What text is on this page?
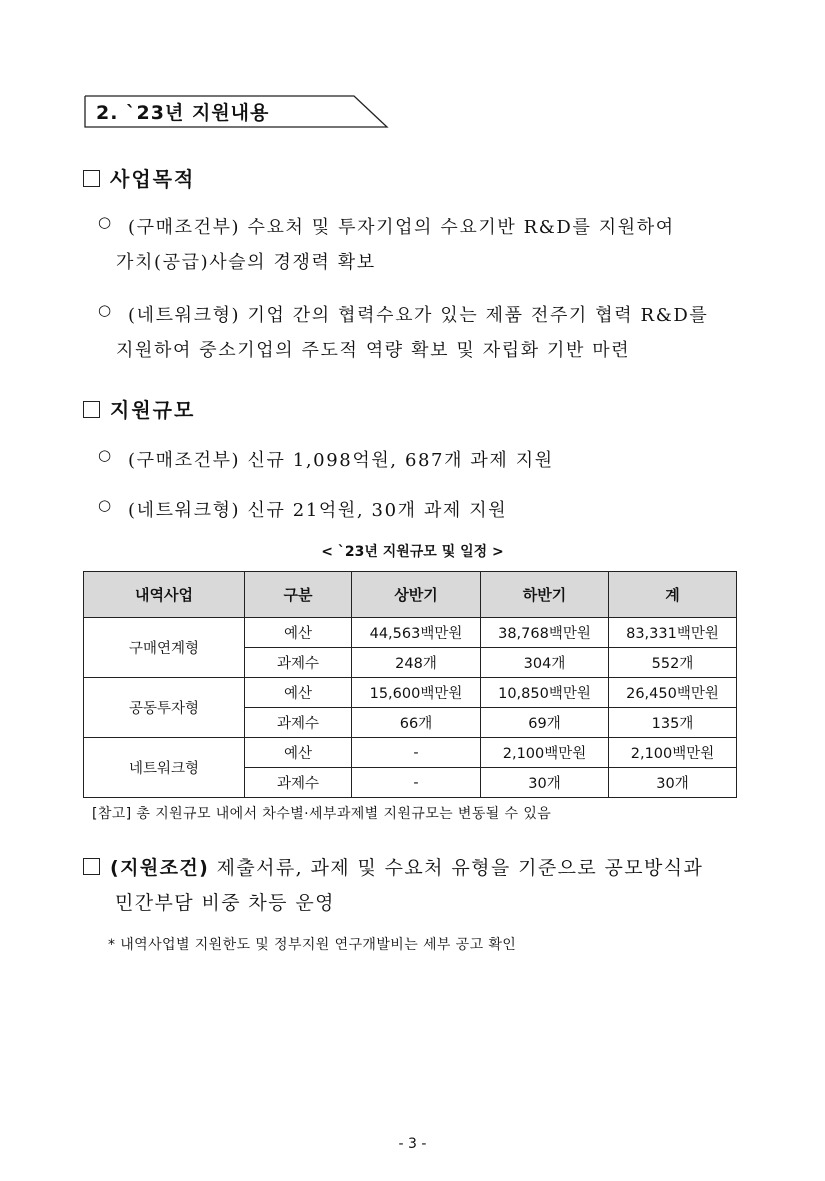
2. `23년 지원내용
사업목적
○ (구매조건부) 수요처 및 투자기업의 수요기반 R&D를 지원하여
가치(공급)사슬의 경쟁력 확보
○ (네트워크형) 기업 간의 협력수요가 있는 제품 전주기 협력 R&D를
지원하여 중소기업의 주도적 역량 확보 및 자립화 기반 마련
지원규모
○ (구매조건부) 신규 1,098억원, 687개 과제 지원
○ (네트워크형) 신규 21억원, 30개 과제 지원
< `23년 지원규모 및 일정 >
내역사업	구분	상반기	하반기	계
구매연계형	예산	44,563백만원	38,768백만원	83,331백만원
	과제수	248개	304개	552개
공동투자형	예산	15,600백만원	10,850백만원	26,450백만원
	과제수	66개	69개	135개
네트워크형	예산	-	2,100백만원	2,100백만원
	과제수	-	30개	30개
[참고] 총 지원규모 내에서 차수별·세부과제별 지원규모는 변동될 수 있음
(지원조건) 제출서류, 과제 및 수요처 유형을 기준으로 공모방식과
민간부담 비중 차등 운영
* 내역사업별 지원한도 및 정부지원 연구개발비는 세부 공고 확인
- 3 -
